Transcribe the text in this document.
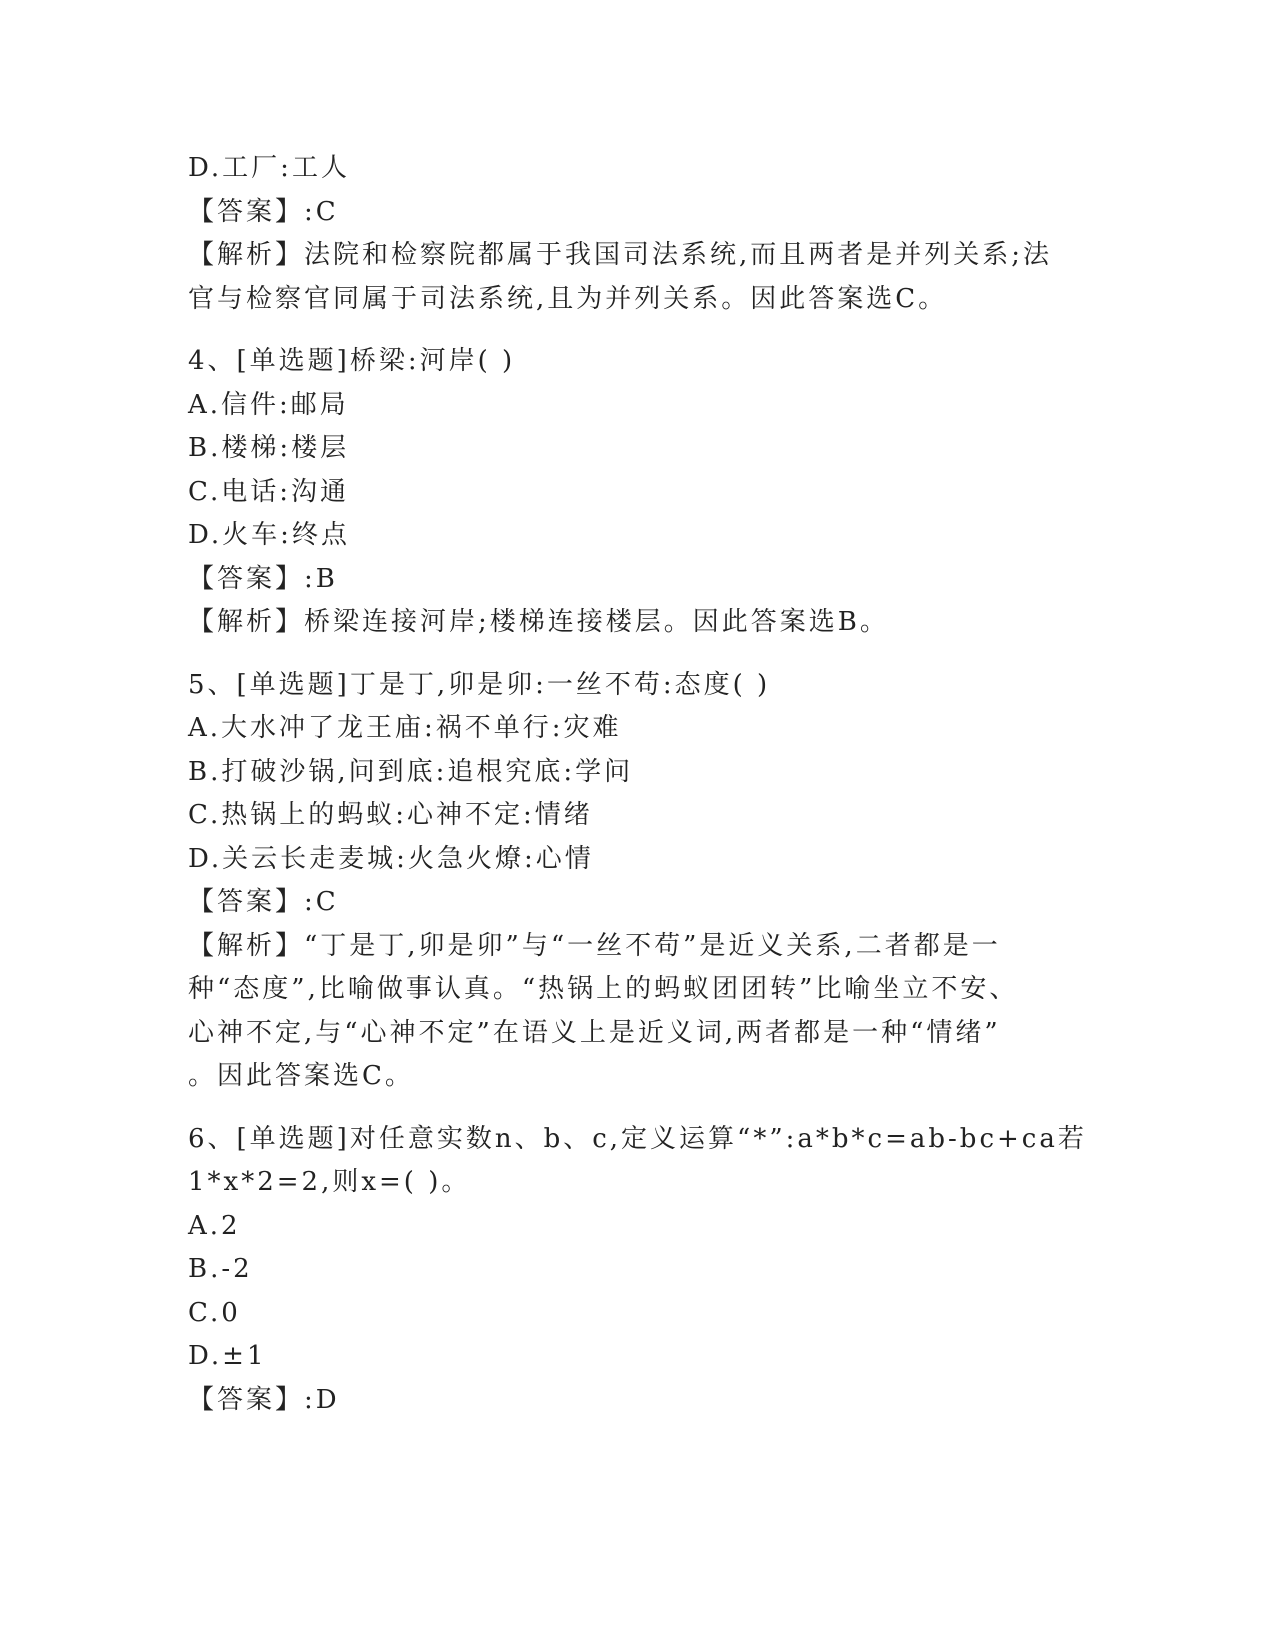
D.工厂:工人
【答案】:C
【解析】法院和检察院都属于我国司法系统,而且两者是并列关系;法
官与检察官同属于司法系统,且为并列关系。因此答案选C。
4、[单选题]桥梁:河岸( )
A.信件:邮局
B.楼梯:楼层
C.电话:沟通
D.火车:终点
【答案】:B
【解析】桥梁连接河岸;楼梯连接楼层。因此答案选B。
5、[单选题]丁是丁,卯是卯:一丝不苟:态度( )
A.大水冲了龙王庙:祸不单行:灾难
B.打破沙锅,问到底:追根究底:学问
C.热锅上的蚂蚁:心神不定:情绪
D.关云长走麦城:火急火燎:心情
【答案】:C
【解析】“丁是丁,卯是卯”与“一丝不苟”是近义关系,二者都是一
种“态度”,比喻做事认真。“热锅上的蚂蚁团团转”比喻坐立不安、
心神不定,与“心神不定”在语义上是近义词,两者都是一种“情绪”
。因此答案选C。
6、[单选题]对任意实数n、b、c,定义运算“*”:a*b*c=ab-bc+ca若
1*x*2=2,则x=( )。
A.2
B.-2
C.0
D.±1
【答案】:D
